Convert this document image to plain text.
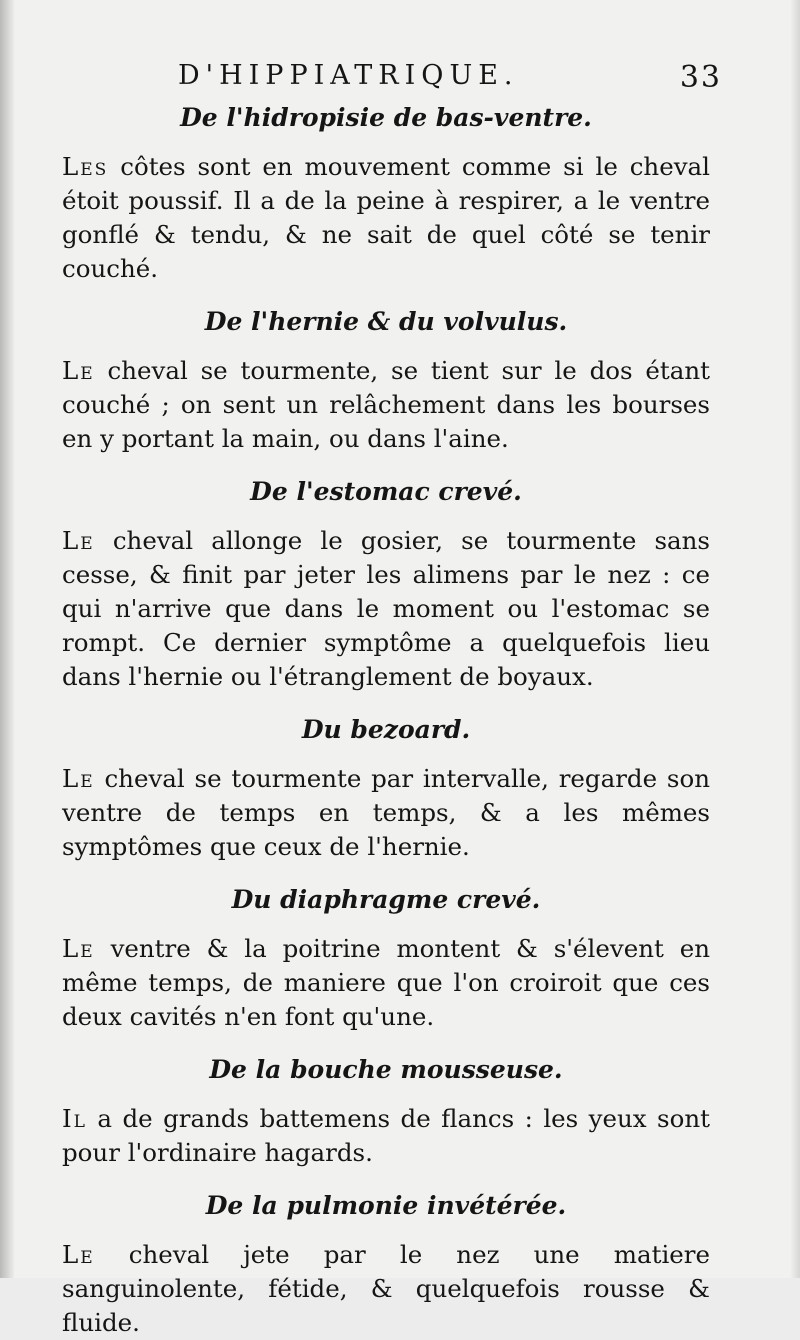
D'HIPPIATRIQUE.	33
De l'hidropisie de bas-ventre.

Les côtes sont en mouvement comme si le cheval étoit poussif. Il a de la peine à respirer, a le ventre gonflé & tendu, & ne sait de quel côté se tenir couché.

De l'hernie & du volvulus.

Le cheval se tourmente, se tient sur le dos étant couché ; on sent un relâchement dans les bourses en y portant la main, ou dans l'aine.

De l'estomac crevé.

Le cheval allonge le gosier, se tourmente sans cesse, & finit par jeter les alimens par le nez : ce qui n'arrive que dans le moment ou l'estomac se rompt. Ce dernier symptôme a quelquefois lieu dans l'hernie ou l'étranglement de boyaux.

Du bezoard.

Le cheval se tourmente par intervalle, regarde son ventre de temps en temps, & a les mêmes symptômes que ceux de l'hernie.

Du diaphragme crevé.

Le ventre & la poitrine montent & s'élevent en même temps, de maniere que l'on croiroit que ces deux cavités n'en font qu'une.

De la bouche mousseuse.

Il a de grands battemens de flancs : les yeux sont pour l'ordinaire hagards.

De la pulmonie invétérée.

Le cheval jete par le nez une matiere sanguinolente, fétide, & quelquefois rousse & fluide.
